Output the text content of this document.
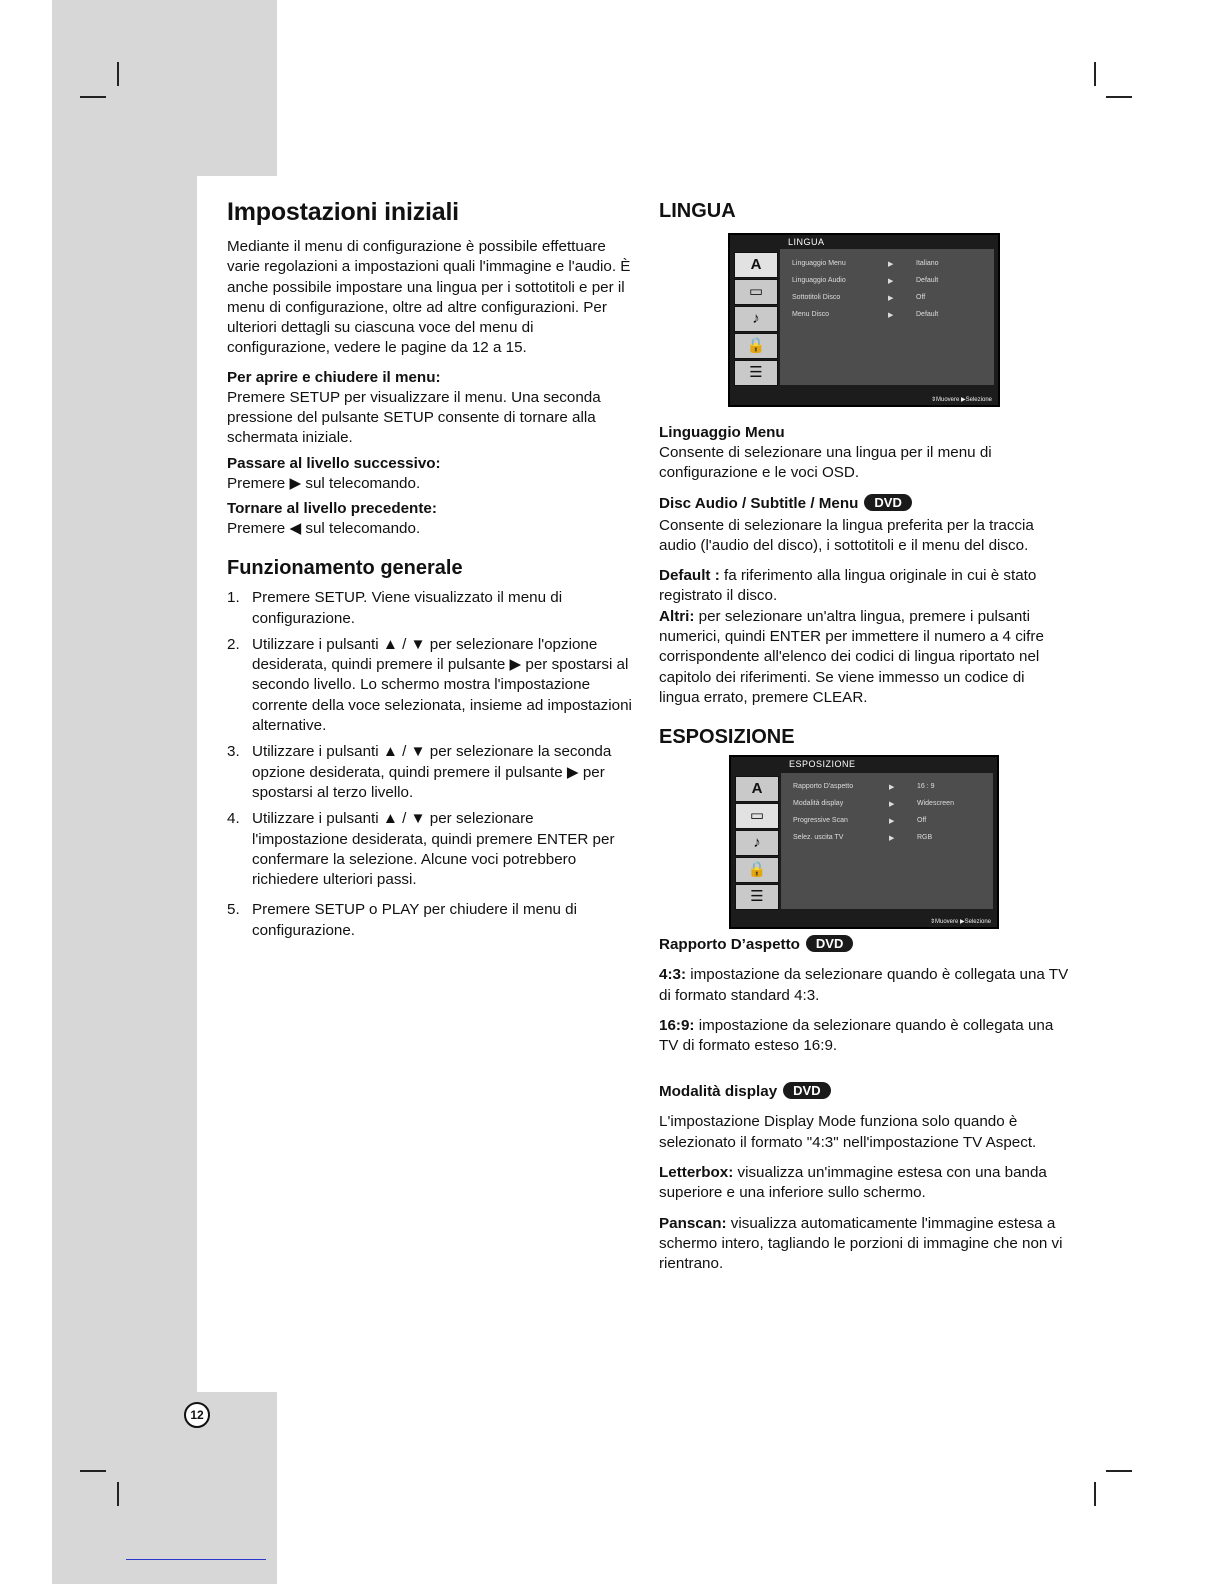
Impostazioni iniziali

Mediante il menu di configurazione è possibile effettuare varie regolazioni a impostazioni quali l'immagine e l'audio. È anche possibile impostare una lingua per i sottotitoli e per il menu di configurazione, oltre ad altre configurazioni. Per ulteriori dettagli su ciascuna voce del menu di configurazione, vedere le pagine da 12 a 15.

Per aprire e chiudere il menu:

Premere SETUP per visualizzare il menu. Una seconda pressione del pulsante SETUP consente di tornare alla schermata iniziale.

Passare al livello successivo:

Premere ▶ sul telecomando.

Tornare al livello precedente:

Premere ◀ sul telecomando.

Funzionamento generale
1. Premere SETUP. Viene visualizzato il menu di configurazione.
2. Utilizzare i pulsanti ▲ / ▼ per selezionare l'opzione desiderata, quindi premere il pulsante ▶ per spostarsi al secondo livello. Lo schermo mostra l'impostazione corrente della voce selezionata, insieme ad impostazioni alternative.
3. Utilizzare i pulsanti ▲ / ▼ per selezionare la seconda opzione desiderata, quindi premere il pulsante ▶ per spostarsi al terzo livello.
4. Utilizzare i pulsanti ▲ / ▼ per selezionare l'impostazione desiderata, quindi premere ENTER per confermare la selezione. Alcune voci potrebbero richiedere ulteriori passi.
5. Premere SETUP o PLAY per chiudere il menu di configurazione.
LINGUA
LINGUA
A
▭
♪
🔒
☰
Linguaggio Menu	▶	Italiano
Linguaggio Audio	▶	Default
Sottotitoli Disco	▶	Off
Menu Disco	▶	Default
⇕Muovere ▶Selezione
Linguaggio Menu

Consente di selezionare una lingua per il menu di configurazione e le voci OSD.

Disc Audio / Subtitle / Menu DVD

Consente di selezionare la lingua preferita per la traccia audio (l'audio del disco), i sottotitoli e il menu del disco.

Default : fa riferimento alla lingua originale in cui è stato registrato il disco.

Altri: per selezionare un'altra lingua, premere i pulsanti numerici, quindi ENTER per immettere il numero a 4 cifre corrispondente all'elenco dei codici di lingua riportato nel capitolo dei riferimenti. Se viene immesso un codice di lingua errato, premere CLEAR.

ESPOSIZIONE
ESPOSIZIONE
A
▭
♪
🔒
☰
Rapporto D'aspetto	▶	16 : 9
Modalità display	▶	Widescreen
Progressive Scan	▶	Off
Selez. uscita TV	▶	RGB
⇕Muovere ▶Selezione
Rapporto D’aspetto DVD

4:3: impostazione da selezionare quando è collegata una TV di formato standard 4:3.

16:9: impostazione da selezionare quando è collegata una TV di formato esteso 16:9.

Modalità display DVD

L'impostazione Display Mode funziona solo quando è selezionato il formato "4:3" nell'impostazione TV Aspect.

Letterbox: visualizza un'immagine estesa con una banda superiore e una inferiore sullo schermo.

Panscan: visualizza automaticamente l'immagine estesa a schermo intero, tagliando le porzioni di immagine che non vi rientrano.

12
